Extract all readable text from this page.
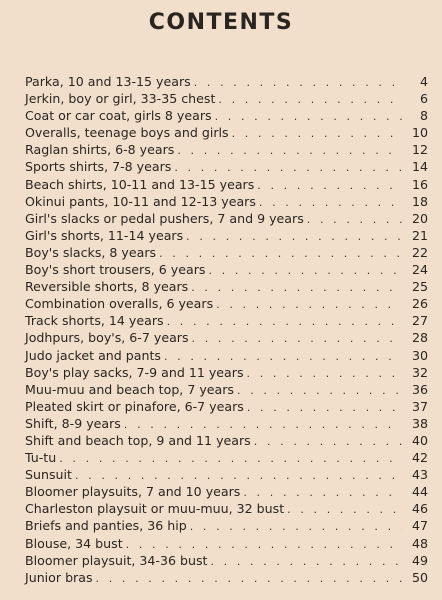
CONTENTS
Parka, 10 and 13-15 years . . .	4
Jerkin, boy or girl, 33-35 chest . . .	6
Coat or car coat, girls 8 years . . .	8
Overalls, teenage boys and girls . . .	10
Raglan shirts, 6-8 years . . .	12
Sports shirts, 7-8 years . . .	14
Beach shirts, 10-11 and 13-15 years . . .	16
Okinui pants, 10-11 and 12-13 years . . .	18
Girl's slacks or pedal pushers, 7 and 9 years . . .	20
Girl's shorts, 11-14 years . . .	21
Boy's slacks, 8 years . . .	22
Boy's short trousers, 6 years . . .	24
Reversible shorts, 8 years . . .	25
Combination overalls, 6 years . . .	26
Track shorts, 14 years . . .	27
Jodhpurs, boy's, 6-7 years . . .	28
Judo jacket and pants . . .	30
Boy's play sacks, 7-9 and 11 years . . .	32
Muu-muu and beach top, 7 years . . .	36
Pleated skirt or pinafore, 6-7 years . . .	37
Shift, 8-9 years . . .	38
Shift and beach top, 9 and 11 years . . .	40
Tu-tu . . .	42
Sunsuit . . .	43
Bloomer playsuits, 7 and 10 years . . .	44
Charleston playsuit or muu-muu, 32 bust . . .	46
Briefs and panties, 36 hip . . .	47
Blouse, 34 bust . . .	48
Bloomer playsuit, 34-36 bust . . .	49
Junior bras . . .	50
